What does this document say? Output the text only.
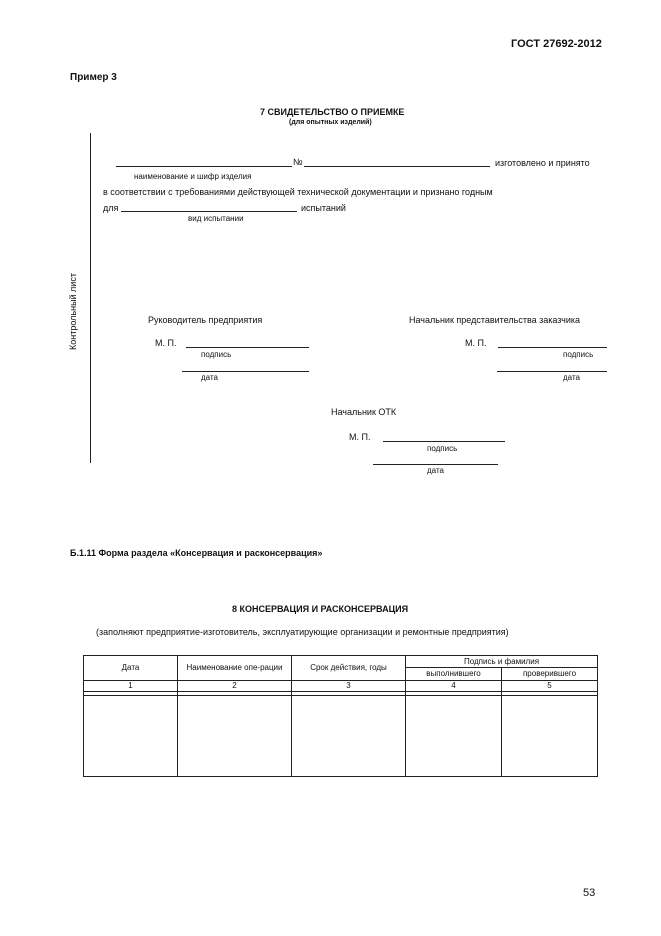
ГОСТ 27692-2012
Пример 3
7 СВИДЕТЕЛЬСТВО О ПРИЕМКЕ
(для опытных изделий)
Контрольный лист
№	изготовлено и принято
наименование и шифр изделия
в соответствии с требованиями действующей технической документации и признано годным
для	испытаний
вид испытании
Руководитель предприятия
М. П.
подпись
дата
Начальник представительства заказчика
М. П.
подпись
дата
Начальник ОТК
М. П.
подпись
дата
Б.1.11 Форма раздела «Консервация и расконсервация»
8 КОНСЕРВАЦИЯ И РАСКОНСЕРВАЦИЯ
(заполняют предприятие-изготовитель, эксплуатирующие организации и ремонтные предприятия)
Дата	Наименование опе-рации	Срок действия, годы	Подпись и фамилия	
			выполнившего	проверившего
1	2	3	4	5

53
